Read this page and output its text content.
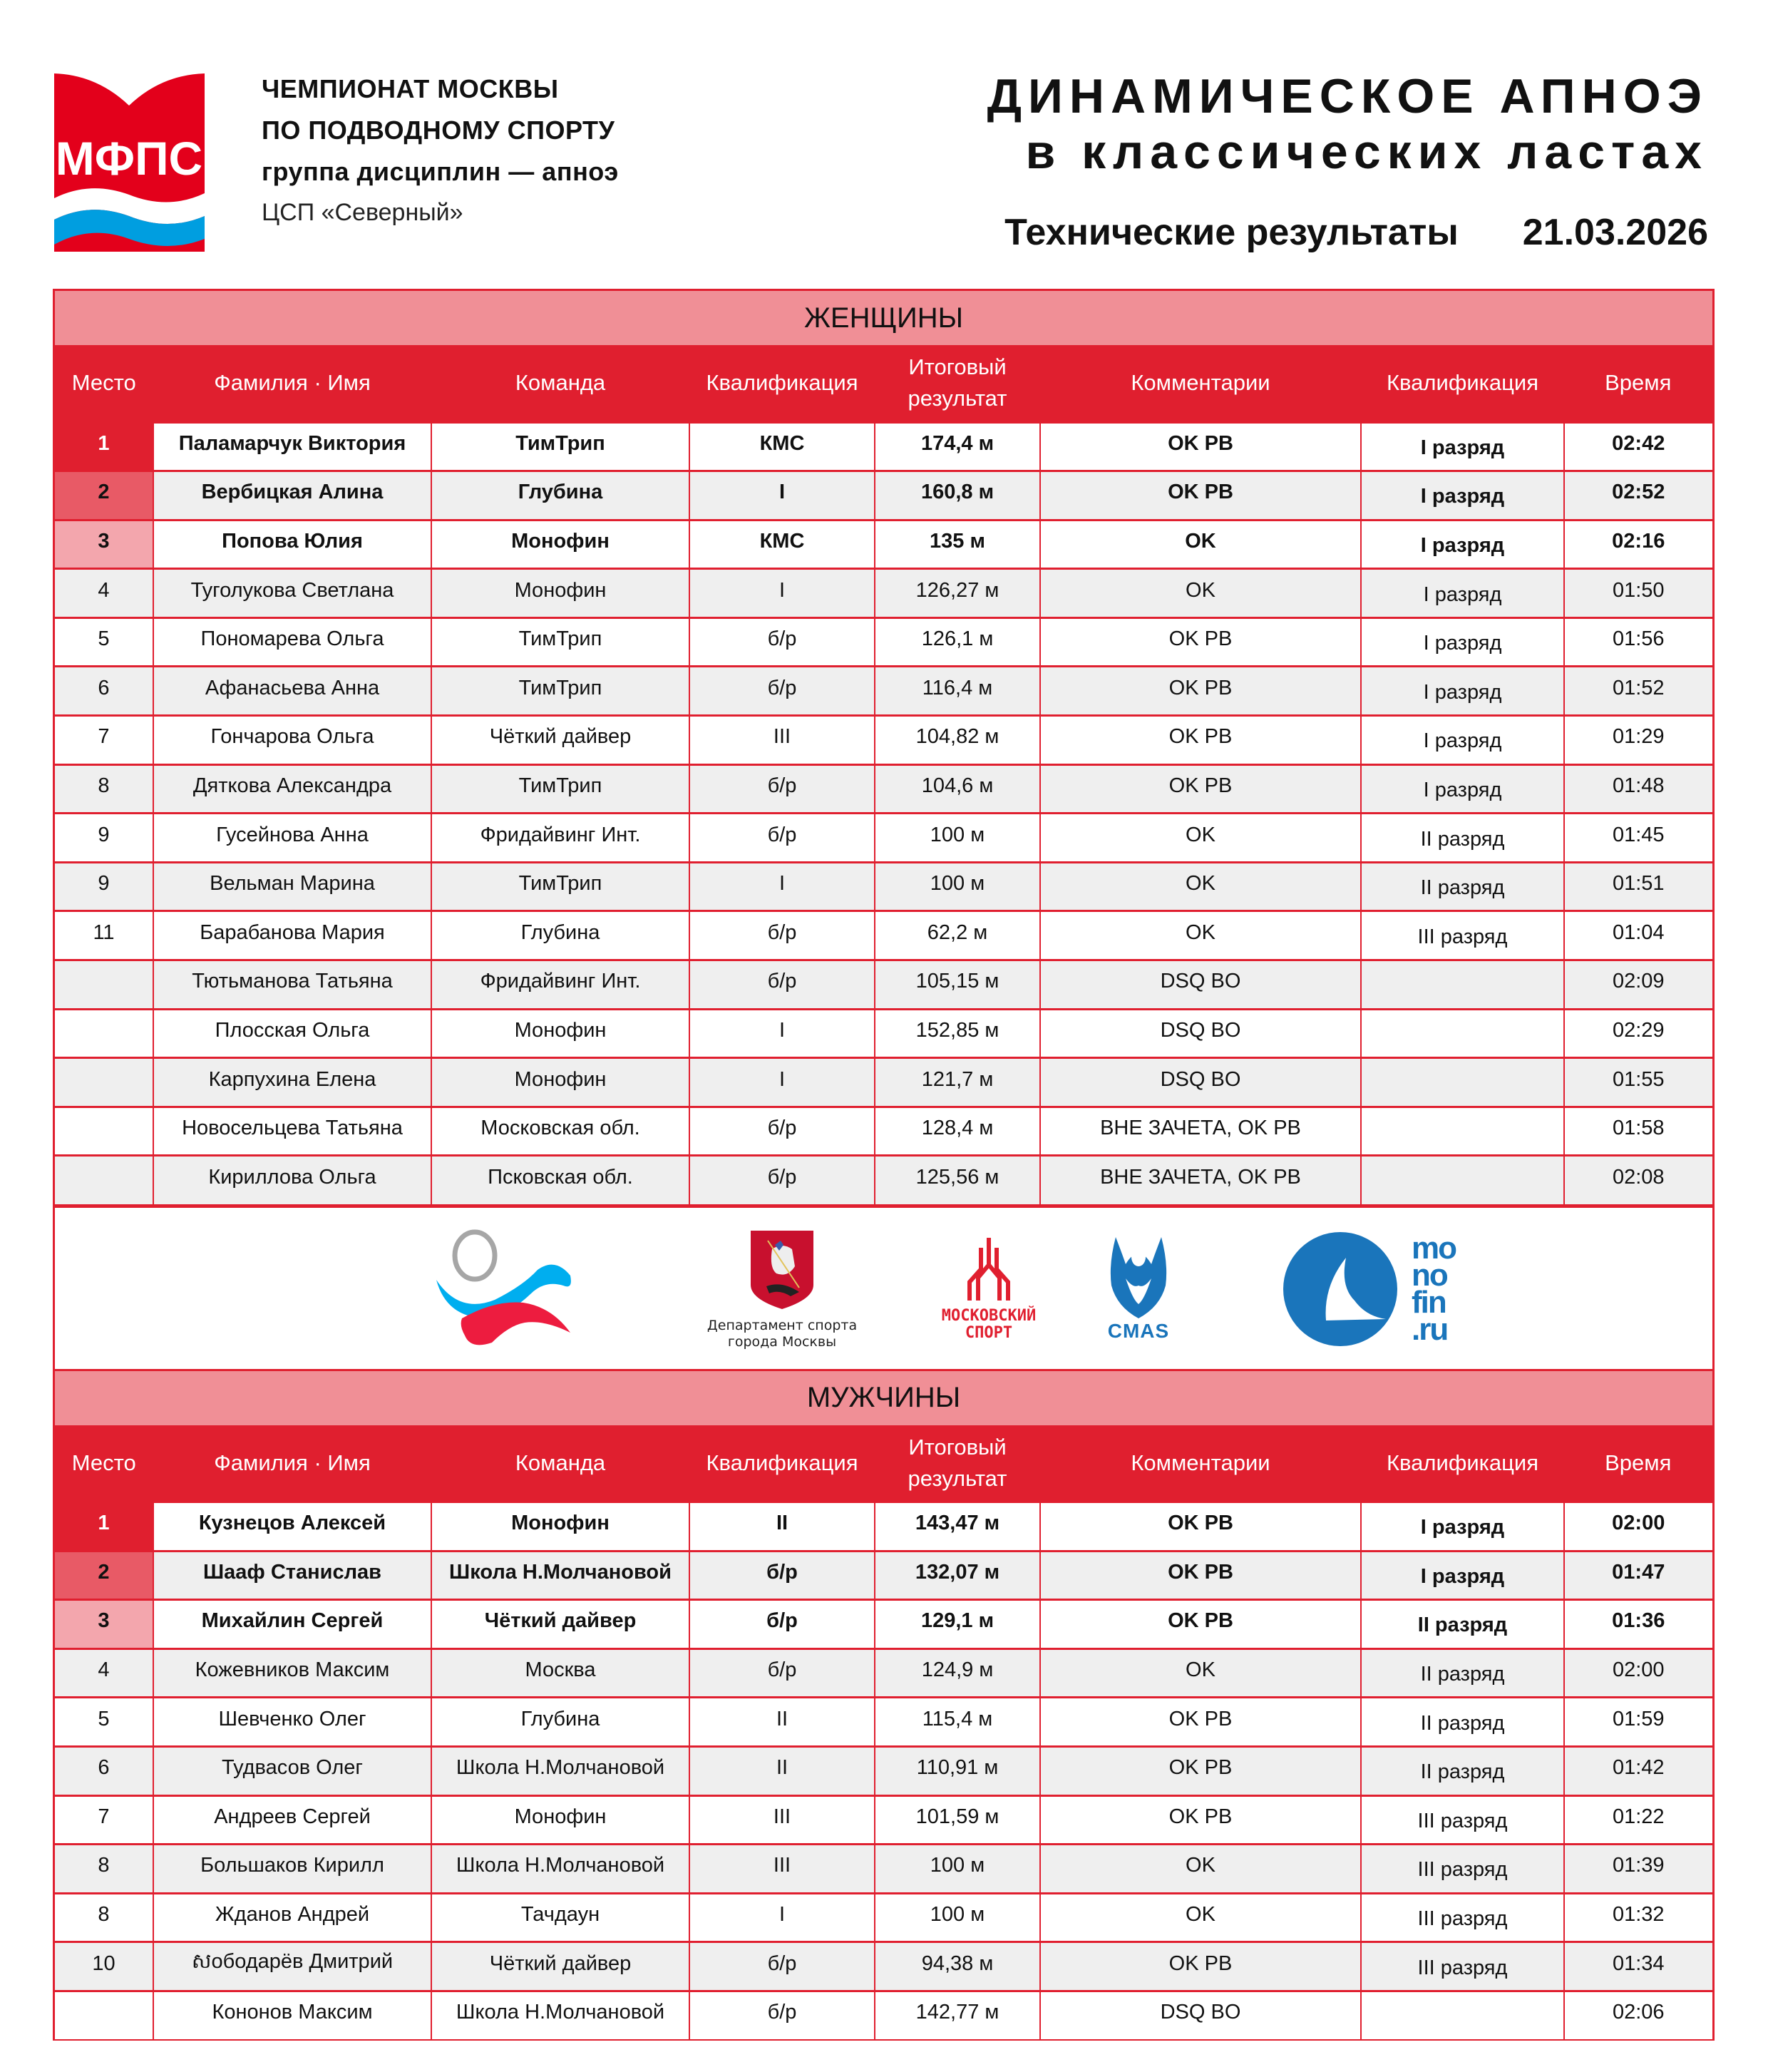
МФПС
ЧЕМПИОНАТ МОСКВЫ
ПО ПОДВОДНОМУ СПОРТУ
группа дисциплин — апноэ
ЦСП «Северный»
ДИНАМИЧЕСКОЕ АПНОЭ
в классических ластах
Технические результаты 21.03.2026
ЖЕНЩИНЫ
Место	Фамилия · Имя	Команда	Квалификация	Итоговый
результат	Комментарии	Квалификация	Время
1	Паламарчук Виктория	ТимТрип	КМС	174,4 м	OK PB	I разряд	02:42
2	Вербицкая Алина	Глубина	I	160,8 м	OK PB	I разряд	02:52
3	Попова Юлия	Монофин	КМС	135 м	OK	I разряд	02:16
4	Туголукова Светлана	Монофин	I	126,27 м	OK	I разряд	01:50
5	Пономарева Ольга	ТимТрип	б/р	126,1 м	OK PB	I разряд	01:56
6	Афанасьева Анна	ТимТрип	б/р	116,4 м	OK PB	I разряд	01:52
7	Гончарова Ольга	Чёткий дайвер	III	104,82 м	OK PB	I разряд	01:29
8	Дяткова Александра	ТимТрип	б/р	104,6 м	OK PB	I разряд	01:48
9	Гусейнова Анна	Фридайвинг Инт.	б/р	100 м	OK	II разряд	01:45
9	Вельман Марина	ТимТрип	I	100 м	OK	II разряд	01:51
11	Барабанова Мария	Глубина	б/р	62,2 м	OK	III разряд	01:04
	Тютьманова Татьяна	Фридайвинг Инт.	б/р	105,15 м	DSQ BO		02:09
	Плосская Ольга	Монофин	I	152,85 м	DSQ BO		02:29
	Карпухина Елена	Монофин	I	121,7 м	DSQ BO		01:55
	Новосельцева Татьяна	Московская обл.	б/р	128,4 м	ВНЕ ЗАЧЕТА, OK PB		01:58
	Кириллова Ольга	Псковская обл.	б/р	125,56 м	ВНЕ ЗАЧЕТА, OK PB		02:08
Департамент спорта
города Москвы
МОСКОВСКИЙ
СПОРТ	CMAS
mo
no
fin
.ru
МУЖЧИНЫ
Место	Фамилия · Имя	Команда	Квалификация	Итоговый
результат	Комментарии	Квалификация	Время
1	Кузнецов Алексей	Монофин	II	143,47 м	OK PB	I разряд	02:00
2	Шааф Станислав	Школа Н.Молчановой	б/р	132,07 м	OK PB	I разряд	01:47
3	Михайлин Сергей	Чёткий дайвер	б/р	129,1 м	OK PB	II разряд	01:36
4	Кожевников Максим	Москва	б/р	124,9 м	OK	II разряд	02:00
5	Шевченко Олег	Глубина	II	115,4 м	OK PB	II разряд	01:59
6	Тудвасов Олег	Школа Н.Молчановой	II	110,91 м	OK PB	II разряд	01:42
7	Андреев Сергей	Монофин	III	101,59 м	OK PB	III разряд	01:22
8	Большаков Кирилл	Школа Н.Молчановой	III	100 м	OK	III разряд	01:39
8	Жданов Андрей	Тачдаун	I	100 м	OK	III разряд	01:32
10	សободарёв Дмитрий	Чёткий дайвер	б/р	94,38 м	OK PB	III разряд	01:34
	Кононов Максим	Школа Н.Молчановой	б/р	142,77 м	DSQ BO		02:06
